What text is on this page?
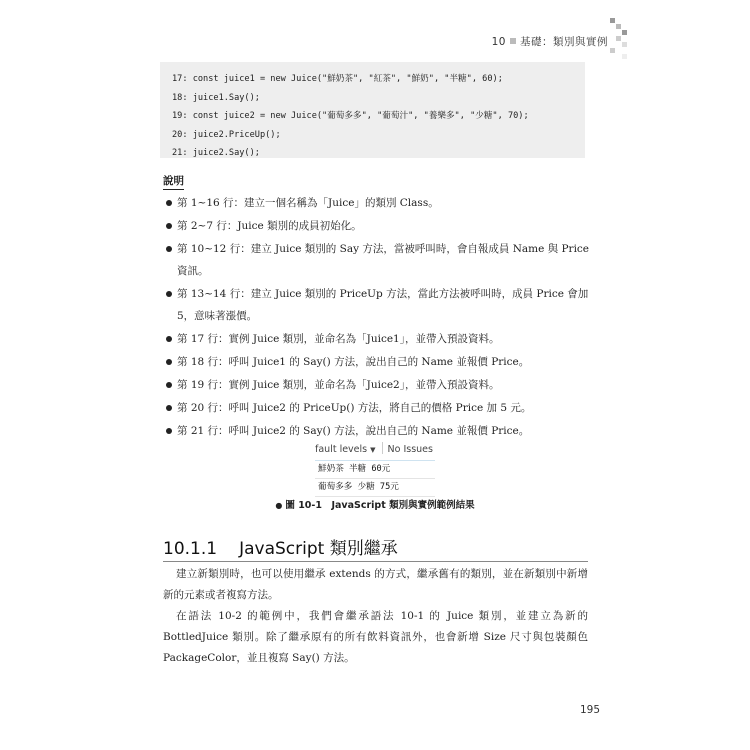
10 基礎：類別與實例
17: const juice1 = new Juice("鮮奶茶", "紅茶", "鮮奶", "半糖", 60);
18: juice1.Say();
19: const juice2 = new Juice("葡萄多多", "葡萄汁", "養樂多", "少糖", 70);
20: juice2.PriceUp();
21: juice2.Say();
說明
第 1~16 行：建立一個名稱為「Juice」的類別 Class。
第 2~7 行：Juice 類別的成員初始化。
第 10~12 行：建立 Juice 類別的 Say 方法，當被呼叫時，會自報成員 Name 與 Price 資訊。
第 13~14 行：建立 Juice 類別的 PriceUp 方法，當此方法被呼叫時，成員 Price 會加 5，意味著漲價。
第 17 行：實例 Juice 類別，並命名為「Juice1」，並帶入預設資料。
第 18 行：呼叫 Juice1 的 Say() 方法，說出自己的 Name 並報價 Price。
第 19 行：實例 Juice 類別，並命名為「Juice2」，並帶入預設資料。
第 20 行：呼叫 Juice2 的 PriceUp() 方法，將自己的價格 Price 加 5 元。
第 21 行：呼叫 Juice2 的 Say() 方法，說出自己的 Name 並報價 Price。
fault levels ▼ No Issues
鮮奶茶 半糖 60元
葡萄多多 少糖 75元
● 圖 10-1　JavaScript 類別與實例範例結果
10.1.1 JavaScript 類別繼承

建立新類別時，也可以使用繼承 extends 的方式，繼承舊有的類別，並在新類別中新增新的元素或者複寫方法。

在語法 10-2 的範例中，我們會繼承語法 10-1 的 Juice 類別，並建立為新的 BottledJuice 類別。除了繼承原有的所有飲料資訊外，也會新增 Size 尺寸與包裝顏色 PackageColor，並且複寫 Say() 方法。

195
